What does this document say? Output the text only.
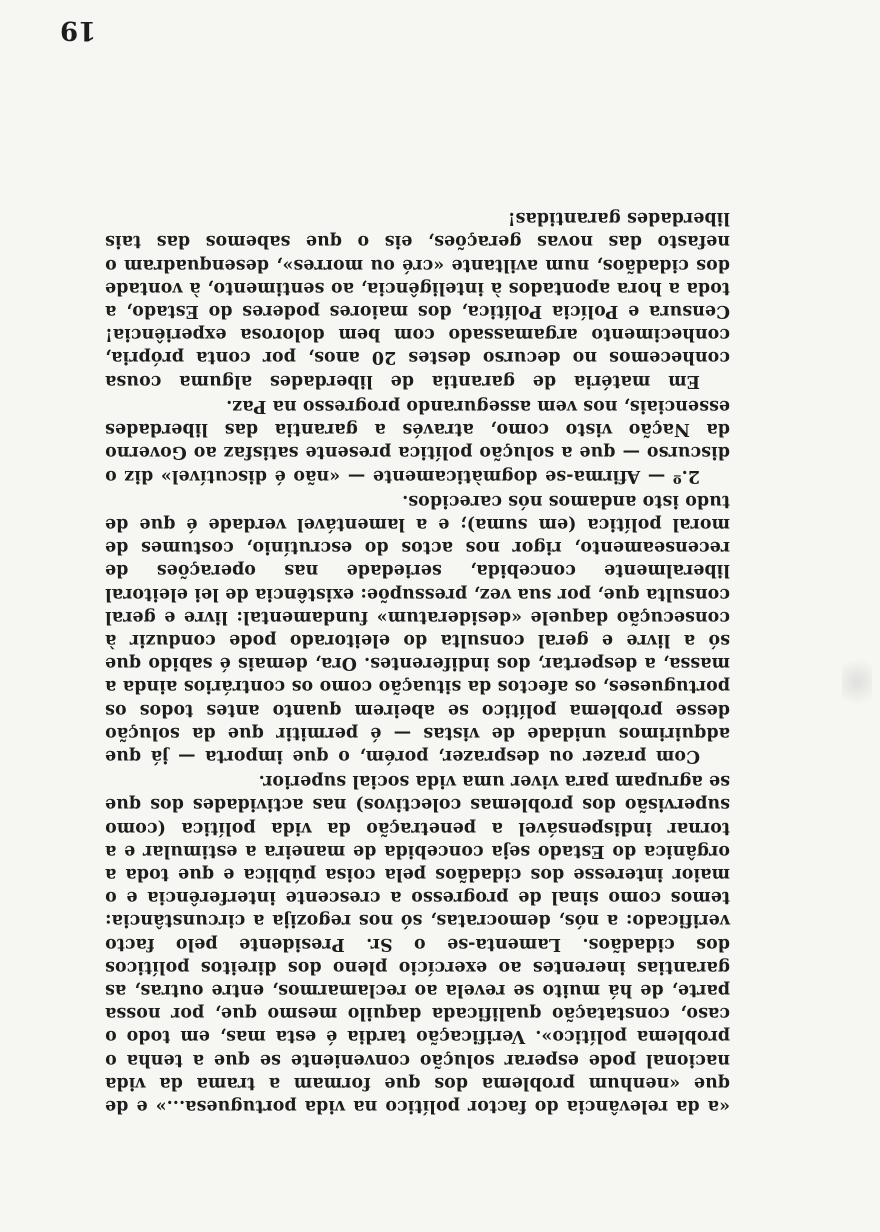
«a da relevância do factor político na vida portuguesa...» e de que «nenhum problema dos que formam a trama da vida nacional pode esperar solução conveniente se que a tenha o problema político». Verificação tardia é esta mas, em todo o caso, constatação qualificada daquilo mesmo que, por nossa parte, de há muito se revela ao reclamarmos, entre outras, as garantias inerentes ao exercício pleno dos direitos políticos dos cidadãos. Lamenta-se o Sr. Presidente pelo facto verificado: a nós, democratas, só nos regozija a circunstância: temos como sinal de progresso a crescente interferência e o maior interesse dos cidadãos pela coisa pública e que toda a orgânica do Estado seja concebida de maneira a estimular e a tornar indispensável a penetração da vida política (como supervisão dos problemas colectivos) nas actividades dos que se agrupam para viver uma vida social superior.

Com prazer ou desprazer, porém, o que importa — já que adquirimos unidade de vistas — é permitir que da solução desse problema político se abeirem quanto antes todos os portugueses, os afectos da situação como os contrários ainda a massa, a despertar, dos indiferentes. Ora, demais é sabido que só a livre e geral consulta do eleitorado pode conduzir à consecução daquele «desideratum» fundamental: livre e geral consulta que, por sua vez, pressupõe: existência de lei eleitoral liberalmente concebida, seriedade nas operações de recenseamento, rigor nos actos do escrutínio, costumes de moral política (em suma); e a lamentável verdade é que de tudo isto andamos nós carecidos.

2.º — Afirma-se dogmàticamente — «não é discutível» diz o discurso — que a solução política presente satisfaz ao Governo da Nação visto como, através a garantia das liberdades essenciais, nos vem assegurando progresso na Paz.

Em matéria de garantia de liberdades alguma cousa conhecemos no decurso destes 20 anos, por conta própria, conhecimento argamassado com bem dolorosa experiência! Censura e Polícia Política, dos maiores poderes do Estado, a toda a hora apontados à inteligência, ao sentimento, à vontade dos cidadãos, num aviltante «cré ou morres», desenquadram o nefasto das novas gerações, eis o que sabemos das tais liberdades garantidas!

19
